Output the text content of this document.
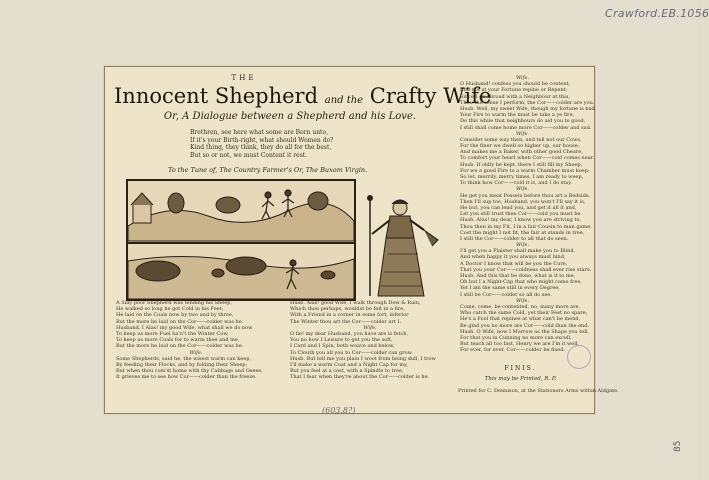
Crawford.EB.1056
85
THE
Innocent Shepherd and the Crafty Wife
Or, A Dialogue between a Shepherd and his Love.
Brethren, see here what some are Born unto,
If it's your Birth-right, what should Women do?
Kind thing, they think, they do all for the best,
But so or not, we must Content it rest.
To the Tune of, The Country Farmer's Or, The Buxom Virgin.
A Silly poor Shepherd was tending his Sheep,
He walked so long he got Cold in his Feet;
He laid on the Coals now by two and by three,
But the more he laid on the Cor——colder was he.
Husband, I Alas! my good Wife, what shall we do now
To keep us more Fuel ha'n't the Winter Cow,
To keep us more Coals for to warm thee and me,
But the more he laid on the Cor——colder was he.
Wife.
Some Shepherds, said he, the wisest warm can keep,
By feeding their Flocks, and by folding their Sheep;
But when thou com'st home with thy Cabbage and Geese,
It grieves me to see how Cor——colder than the freeze.
Husb. Alas! good Wife, I walk through Dew & Rain,
Which thou perhaps, wouldst be felt in a fire,
With a Friend in a corner in some fort, inferior
The Winter thou art the Cor——colder art I.
Wife.
O fie! my dear Husband, you have are is fetch,
You no how I Leisure to get you the soft,
I Card and I Spin, both woave and below,
To Clouth you all you to Cor——colder can grow.
Husb. But tell me you plain I woot from being dull, I trow
I'll make a warm Coat and a Night Cap for my,
But you feel at a cost, with a Spindle to tree,
That I fear when they're about the Cor——colder is he.
Wife.
O Husband! confess you should be content,
And not at your Fortune repine or Repent;
Since I go abroad with a Neighbour at this,
Thou the sense I perform, the Cor——colder are you.
Husb. Well, my sweet Wife, though my fortune is bad,
Your Fire to warm the must be take a ye fire,
Do this while that neighbours do aid you to good,
I still shall come home more Cor——colder and sad.
Wife.
Consider some way then, and tell not our Cows,
For the finer we dwell so higher up, our house;
And makes me a Baker, with other good Cheare,
To comfort your heart when Cor——cold comes near.
Husb. If oldly he kept, there I still fill my Sheep,
For we a good Fire to a warm Chamber must keep;
So let, merrily, merry times, I am ready to weep,
To think how Cor——cold it is, and I do stay.
Wife.
He get you meat Possets before thou art a Bedside,
Then I'll sup too, Husband, you won't I'll say it is,
He but, you can lend you, and get it all it and,
Let you still trust thee Cor——cold you must be.
Husb. Alas! my dear, I know you are striving to,
Thou then in my Fit, I in a fair Cousin to man game,
Cost the might I not fit, the fair at stands in tree,
I still the Cor——colder to all that do seen.
Wife.
I'll get you a Plaister shall make you to Blind,
And when happy it you always must bind,
A Doctor I know that will be you the Cure,
That you your Cor——coldness shall ever rise stare.
Husb. And this that be done, what is it to me,
Oh but I a Night-Cap that who might come free,
Yet I am the same still in every Degree,
I still be Cor——colder so all do see.
Wife.
Come, come, be contented, no, many more are,
Who catch the same Cold, yet their Feet no spare;
He's a Fool that repines at what can't be mend,
Be glad you no more are Cor——cold than the end.
Husb. O Wife, now I Morrow as the Shape you tell,
For that you in Cunning no more can excell,
But teach all too fast, Henry we are I'm it well,
For ever, for ever, Cor——colder be fixed.
FINIS.
This may be Printed, R. P.
Printed for C. Dennison, at the Stationers Arms within Aldgate.
(603.8?)
